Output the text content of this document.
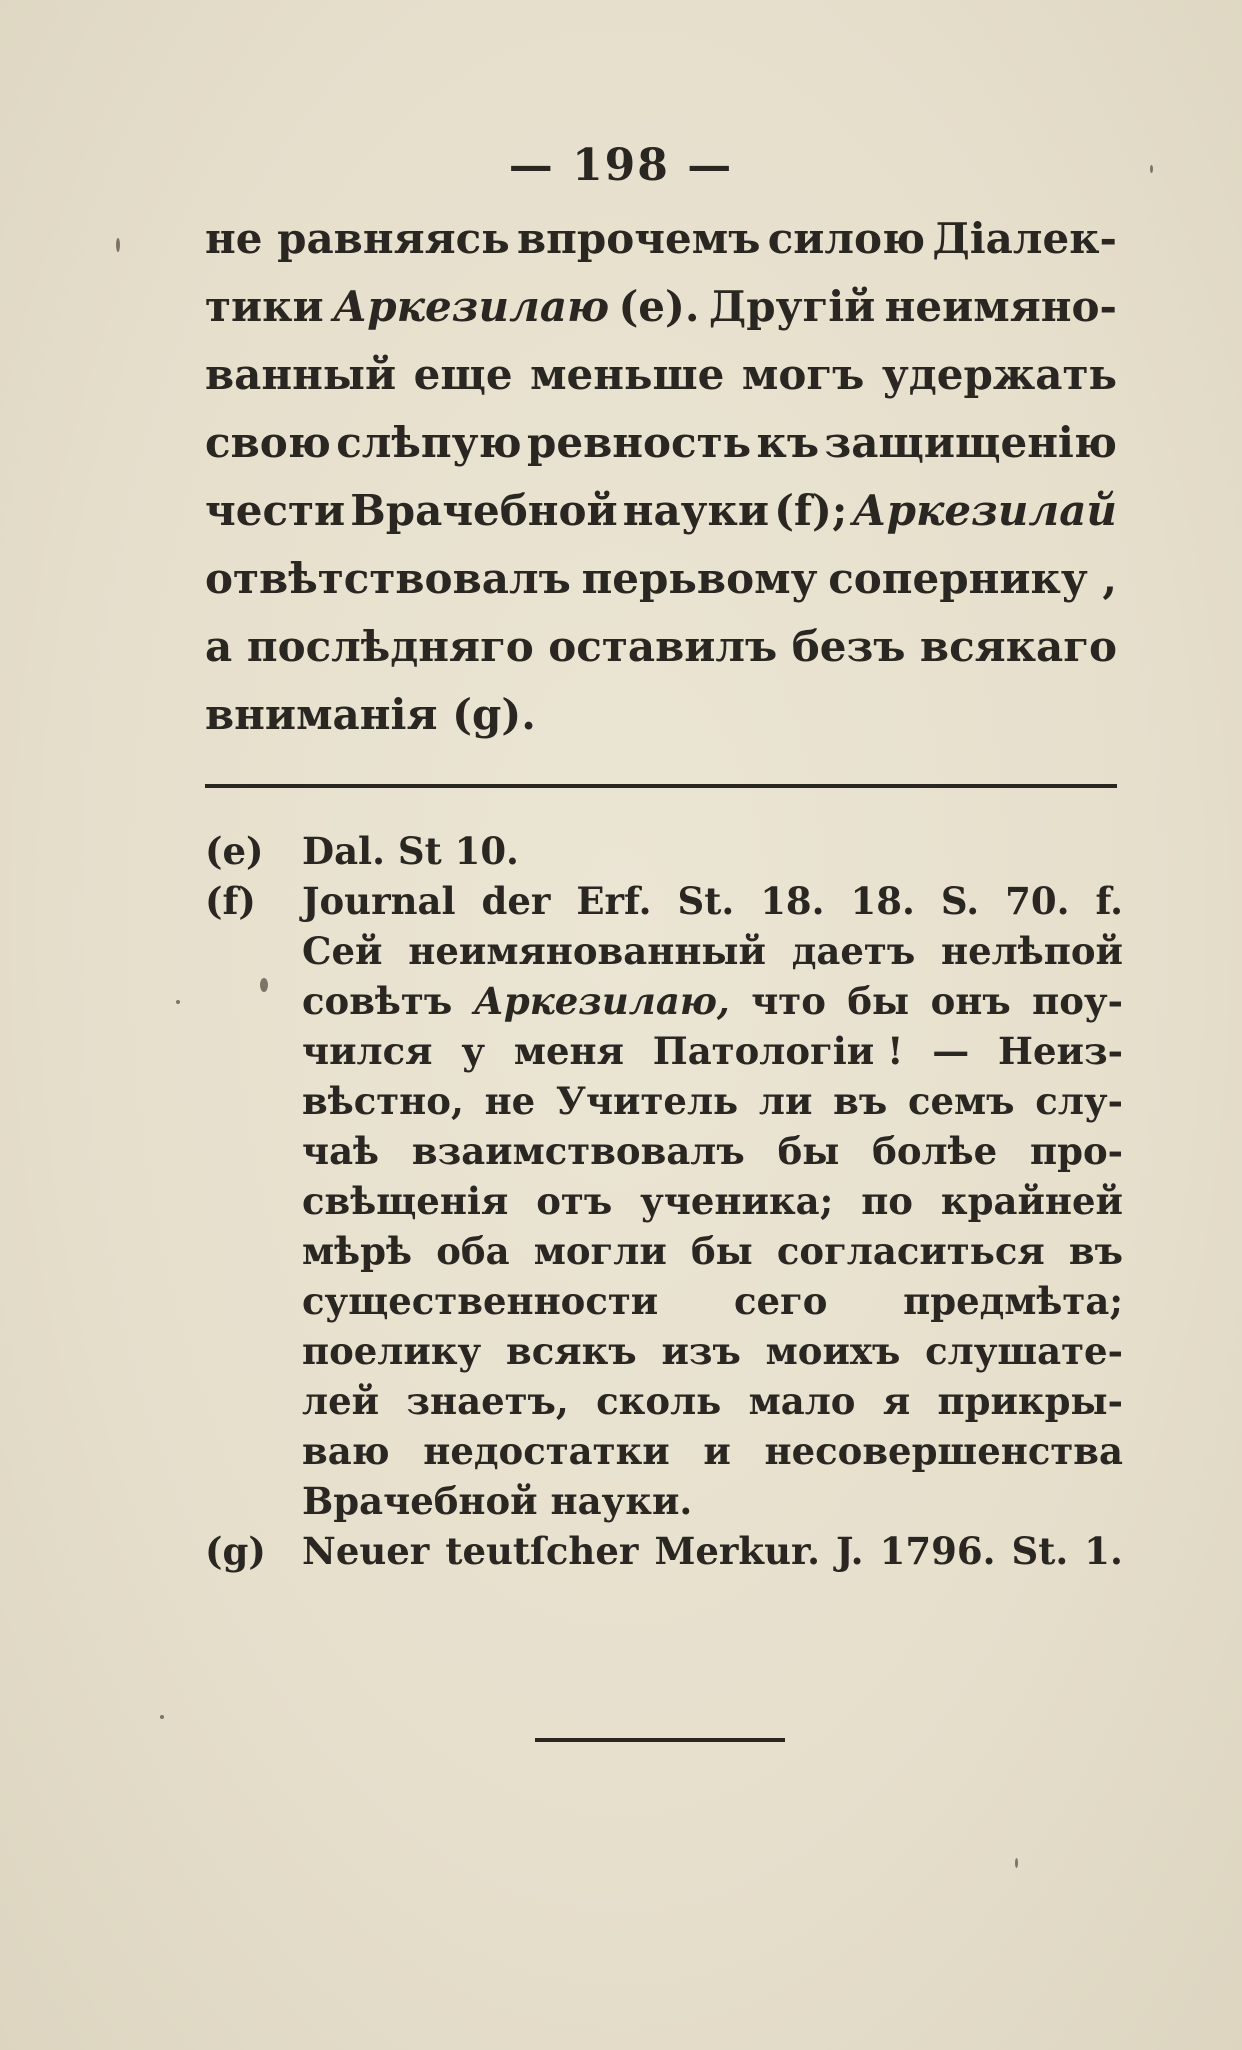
— 198 —
не равняясь впрочемъ силою Діалек-
тики Аркезилаю (e). Другій неимяно-
ванный еще меньше могъ удержать
свою слѣпую ревность къ защищенію
чести Врачебной науки (f); Аркезилай
отвѣтствовалъ перьвому сопернику ,
а послѣдняго оставилъ безъ всякаго
вниманія (g).
(e)	Dal. St 10.
(f)	Journal der Erf. St. 18. 18. S. 70. f.
Сей неимянованный даетъ нелѣпой
совѣтъ Аркезилаю, что бы онъ поу-
чился у меня Патологіи ! — Неиз-
вѣстно, не Учитель ли въ семъ слу-
чаѣ взаимствовалъ бы болѣе про-
свѣщенія отъ ученика; по крайней
мѣрѣ оба могли бы согласиться въ
существенности сего предмѣта;
поелику всякъ изъ моихъ слушате-
лей знаетъ, сколь мало я прикры-
ваю недостатки и несовершенства
Врачебной науки.
(g) Neuer teutſcher Merkur. J. 1796. St. 1.
